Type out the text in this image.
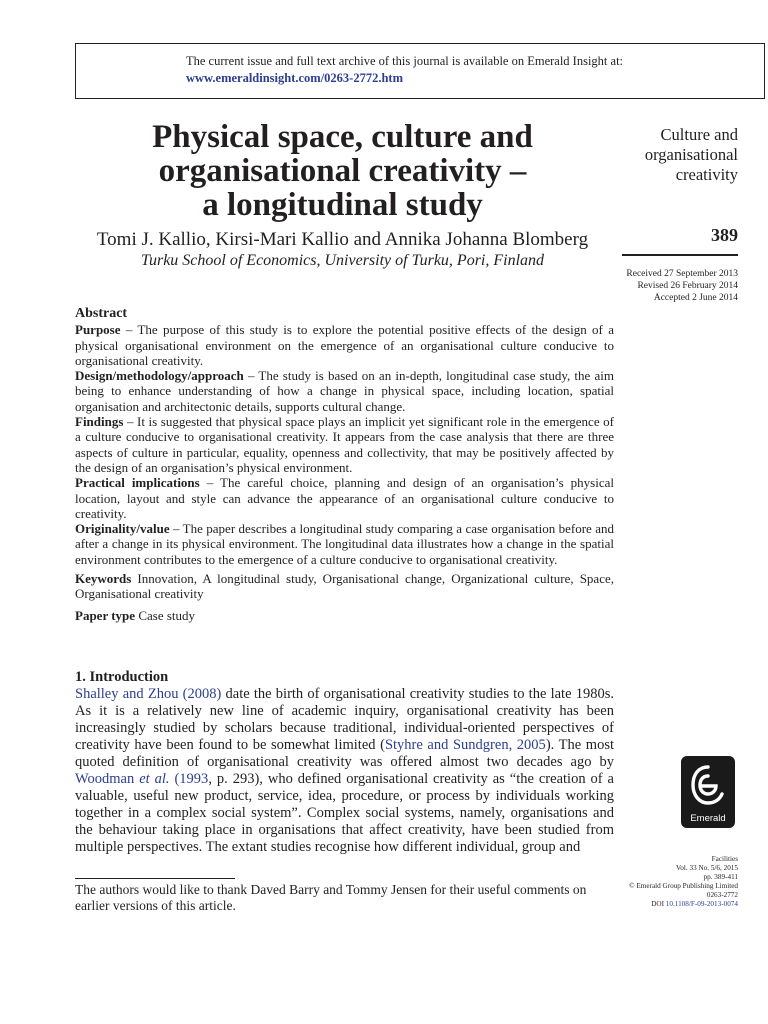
The current issue and full text archive of this journal is available on Emerald Insight at:
www.emeraldinsight.com/0263-2772.htm
Physical space, culture and
organisational creativity –
a longitudinal study
Tomi J. Kallio, Kirsi-Mari Kallio and Annika Johanna Blomberg
Turku School of Economics, University of Turku, Pori, Finland
Culture and
organisational
creativity
389
Received 27 September 2013
Revised 26 February 2014
Accepted 2 June 2014
Abstract

Purpose – The purpose of this study is to explore the potential positive effects of the design of a physical organisational environment on the emergence of an organisational culture conducive to organisational creativity.

Design/methodology/approach – The study is based on an in-depth, longitudinal case study, the aim being to enhance understanding of how a change in physical space, including location, spatial organisation and architectonic details, supports cultural change.

Findings – It is suggested that physical space plays an implicit yet significant role in the emergence of a culture conducive to organisational creativity. It appears from the case analysis that there are three aspects of culture in particular, equality, openness and collectivity, that may be positively affected by the design of an organisation’s physical environment.

Practical implications – The careful choice, planning and design of an organisation’s physical location, layout and style can advance the appearance of an organisational culture conducive to creativity.

Originality/value – The paper describes a longitudinal study comparing a case organisation before and after a change in its physical environment. The longitudinal data illustrates how a change in the spatial environment contributes to the emergence of a culture conducive to organisational creativity.

Keywords Innovation, A longitudinal study, Organisational change, Organizational culture, Space, Organisational creativity

Paper type Case study

1. Introduction

Shalley and Zhou (2008) date the birth of organisational creativity studies to the late 1980s. As it is a relatively new line of academic inquiry, organisational creativity has been increasingly studied by scholars because traditional, individual-oriented perspectives of creativity have been found to be somewhat limited (Styhre and Sundgren, 2005). The most quoted definition of organisational creativity was offered almost two decades ago by Woodman et al. (1993, p. 293), who defined organisational creativity as “the creation of a valuable, useful new product, service, idea, procedure, or process by individuals working together in a complex social system”. Complex social systems, namely, organisations and the behaviour taking place in organisations that affect creativity, have been studied from multiple perspectives. The extant studies recognise how different individual, group and

The authors would like to thank Daved Barry and Tommy Jensen for their useful comments on earlier versions of this article.
Emerald
Facilities
Vol. 33 No. 5/6, 2015
pp. 389-411
© Emerald Group Publishing Limited
0263-2772
DOI 10.1108/F-09-2013-0074
